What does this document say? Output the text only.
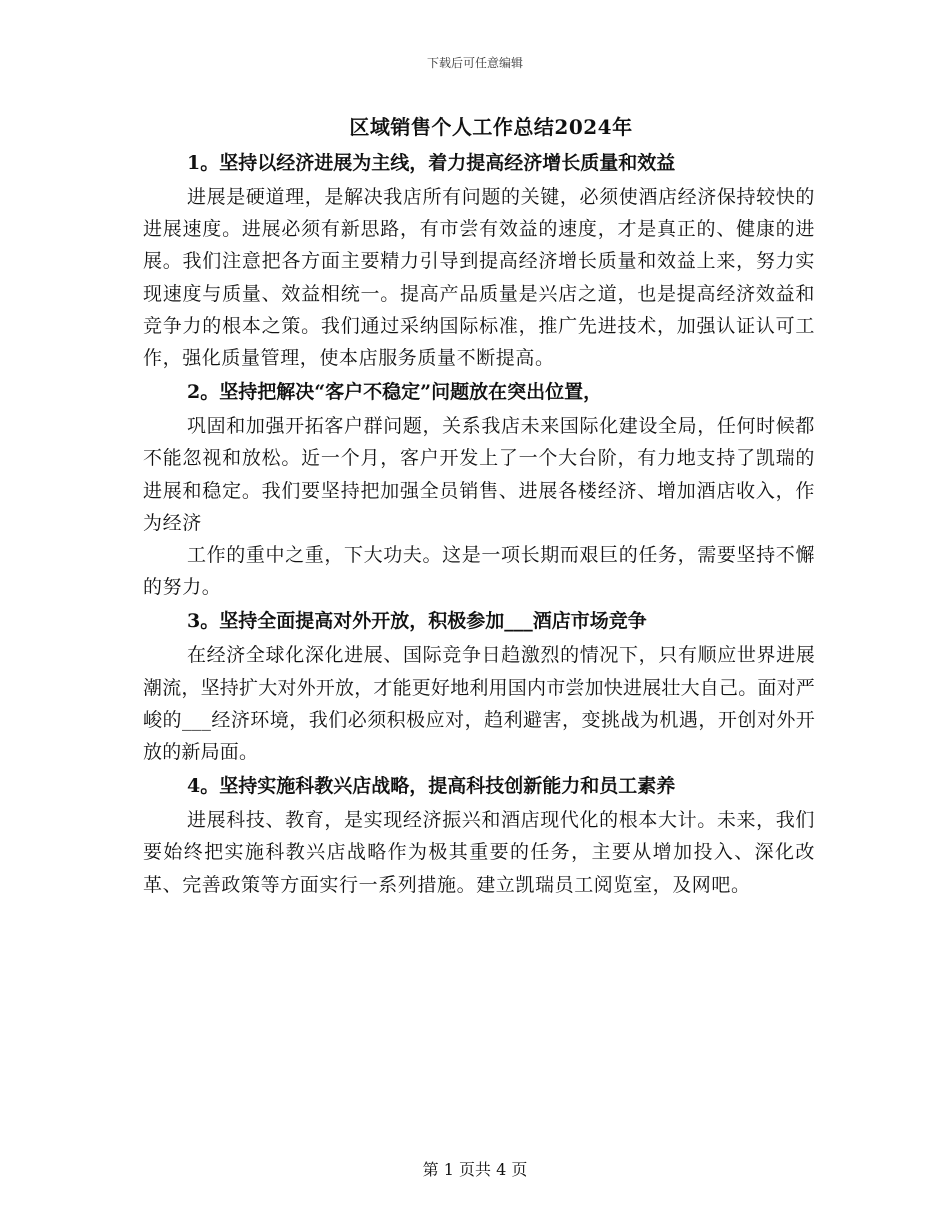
下载后可任意编辑
区域销售个人工作总结2024年
1。坚持以经济进展为主线，着力提高经济增长质量和效益

进展是硬道理，是解决我店所有问题的关键，必须使酒店经济保持较快的进展速度。进展必须有新思路，有市尝有效益的速度，才是真正的、健康的进展。我们注意把各方面主要精力引导到提高经济增长质量和效益上来，努力实现速度与质量、效益相统一。提高产品质量是兴店之道，也是提高经济效益和竞争力的根本之策。我们通过采纳国际标准，推广先进技术，加强认证认可工作，强化质量管理，使本店服务质量不断提高。

2。坚持把解决“客户不稳定”问题放在突出位置，

巩固和加强开拓客户群问题，关系我店未来国际化建设全局，任何时候都不能忽视和放松。近一个月，客户开发上了一个大台阶，有力地支持了凯瑞的进展和稳定。我们要坚持把加强全员销售、进展各楼经济、增加酒店收入，作为经济

工作的重中之重，下大功夫。这是一项长期而艰巨的任务，需要坚持不懈的努力。

3。坚持全面提高对外开放，积极参加___酒店市场竞争

在经济全球化深化进展、国际竞争日趋激烈的情况下，只有顺应世界进展潮流，坚持扩大对外开放，才能更好地利用国内市尝加快进展壮大自己。面对严峻的___经济环境，我们必须积极应对，趋利避害，变挑战为机遇，开创对外开放的新局面。

4。坚持实施科教兴店战略，提高科技创新能力和员工素养

进展科技、教育，是实现经济振兴和酒店现代化的根本大计。未来，我们要始终把实施科教兴店战略作为极其重要的任务，主要从增加投入、深化改革、完善政策等方面实行一系列措施。建立凯瑞员工阅览室，及网吧。

第 1 页共 4 页
